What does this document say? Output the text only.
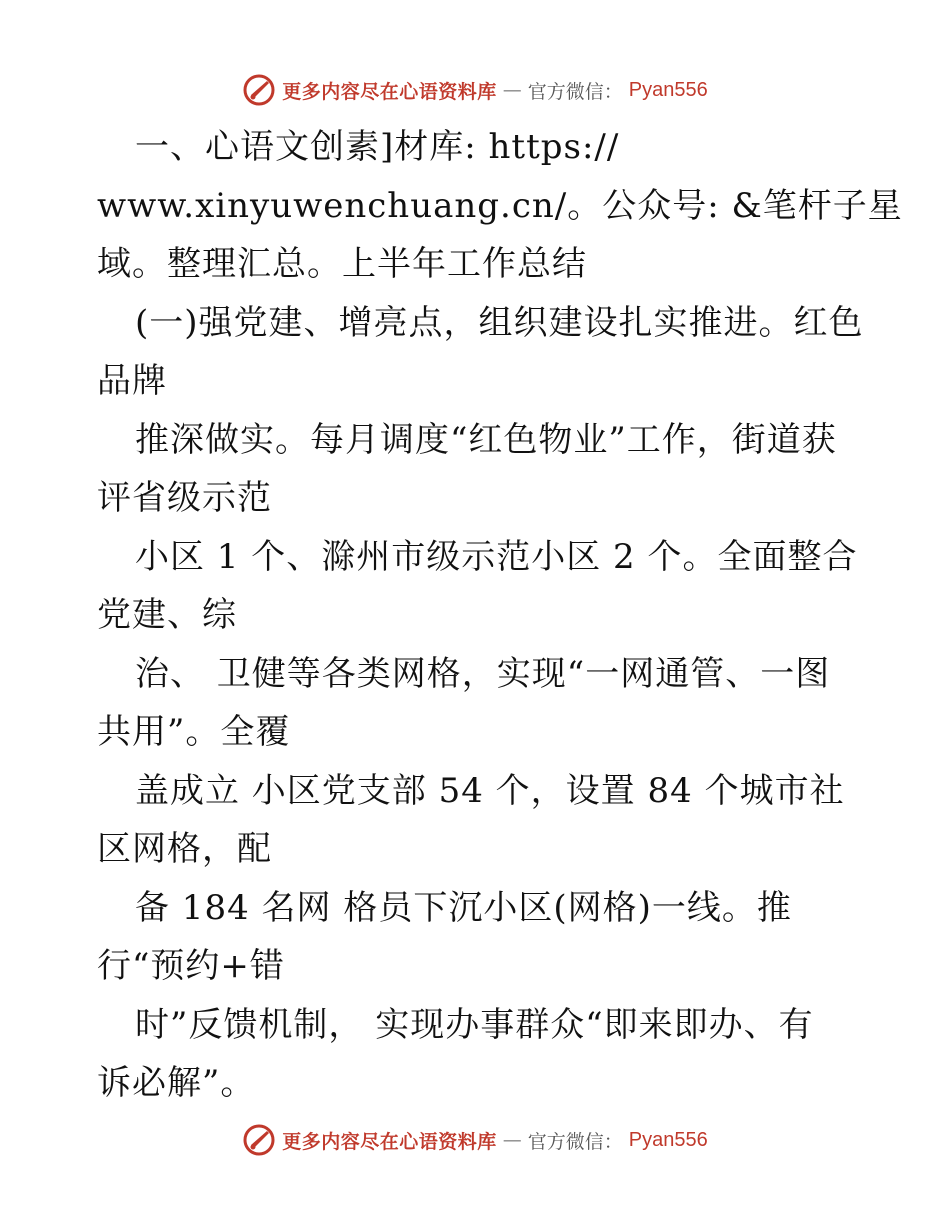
更多内容尽在心语资料库 — 官方微信： Pyan556
一、心语文创素]材库: https://
www.xinyuwenchuang.cn/。公众号: &笔杆子星
域。整理汇总。上半年工作总结
(一)强党建、增亮点，组织建设扎实推进。红色
品牌
推深做实。每月调度“红色物业”工作，街道获
评省级示范
小区 1 个、滁州市级示范小区 2 个。全面整合
党建、综
治、 卫健等各类网格，实现“一网通管、一图
共用”。全覆
盖成立 小区党支部 54 个，设置 84 个城市社
区网格，配
备 184 名网 格员下沉小区(网格)一线。推
行“预约+错
时”反馈机制， 实现办事群众“即来即办、有
诉必解”。
更多内容尽在心语资料库 — 官方微信： Pyan556
